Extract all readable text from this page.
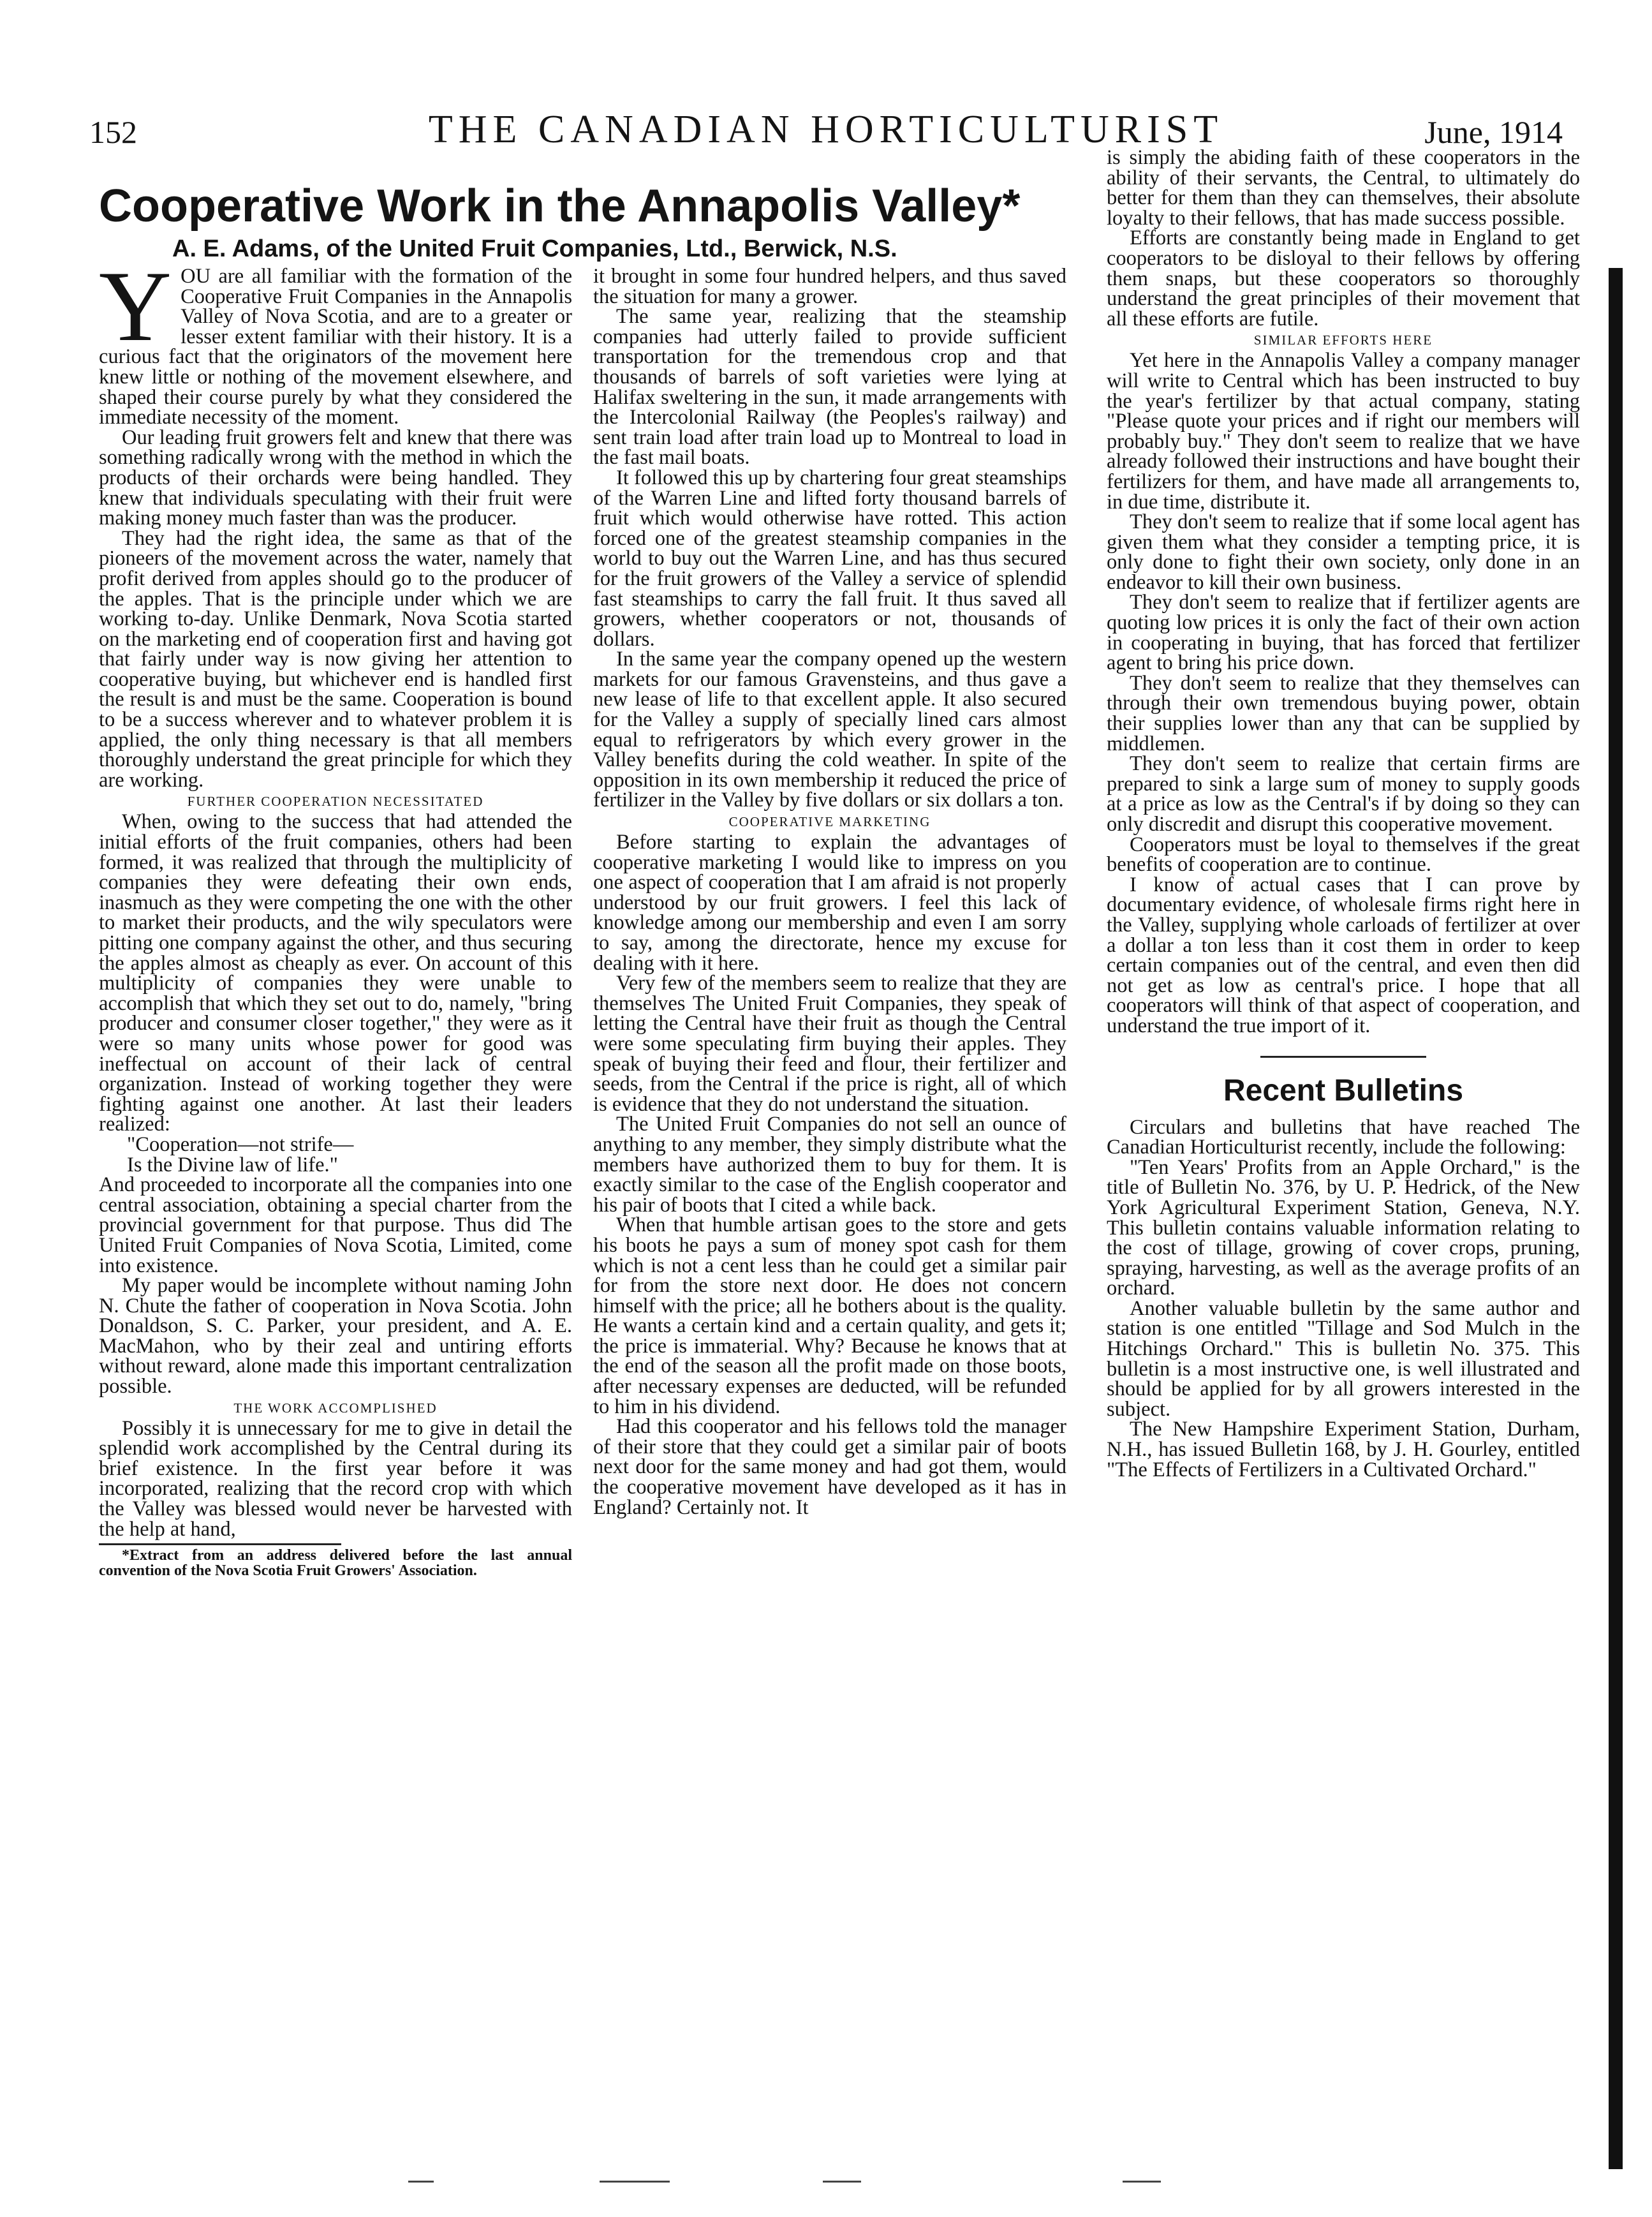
152	THE CANADIAN HORTICULTURIST	June, 1914
Cooperative Work in the Annapolis Valley*
A. E. Adams, of the United Fruit Companies, Ltd., Berwick, N.S.

YOU are all familiar with the formation of the Cooperative Fruit Companies in the Annapolis Valley of Nova Scotia, and are to a greater or lesser extent familiar with their history. It is a curious fact that the originators of the movement here knew little or nothing of the movement elsewhere, and shaped their course purely by what they considered the immediate necessity of the moment.

Our leading fruit growers felt and knew that there was something radically wrong with the method in which the products of their orchards were being handled. They knew that individuals speculating with their fruit were making money much faster than was the producer.

They had the right idea, the same as that of the pioneers of the movement across the water, namely that profit derived from apples should go to the producer of the apples. That is the principle under which we are working to-day. Unlike Denmark, Nova Scotia started on the marketing end of cooperation first and having got that fairly under way is now giving her attention to cooperative buying, but whichever end is handled first the result is and must be the same. Cooperation is bound to be a success wherever and to whatever problem it is applied, the only thing necessary is that all members thoroughly understand the great principle for which they are working.

FURTHER COOPERATION NECESSITATED

When, owing to the success that had attended the initial efforts of the fruit companies, others had been formed, it was realized that through the multiplicity of companies they were defeating their own ends, inasmuch as they were competing the one with the other to market their products, and the wily speculators were pitting one company against the other, and thus securing the apples almost as cheaply as ever. On account of this multiplicity of companies they were unable to accomplish that which they set out to do, namely, "bring producer and consumer closer together," they were as it were so many units whose power for good was ineffectual on account of their lack of central organization. Instead of working together they were fighting against one another. At last their leaders realized:

"Cooperation—not strife—

Is the Divine law of life."

And proceeded to incorporate all the companies into one central association, obtaining a special charter from the provincial government for that purpose. Thus did The United Fruit Companies of Nova Scotia, Limited, come into existence.

My paper would be incomplete without naming John N. Chute the father of cooperation in Nova Scotia. John Donaldson, S. C. Parker, your president, and A. E. MacMahon, who by their zeal and untiring efforts without reward, alone made this important centralization possible.

THE WORK ACCOMPLISHED

Possibly it is unnecessary for me to give in detail the splendid work accomplished by the Central during its brief existence. In the first year before it was incorporated, realizing that the record crop with which the Valley was blessed would never be harvested with the help at hand,

*Extract from an address delivered before the last annual convention of the Nova Scotia Fruit Growers' Association.

it brought in some four hundred helpers, and thus saved the situation for many a grower.

The same year, realizing that the steamship companies had utterly failed to provide sufficient transportation for the tremendous crop and that thousands of barrels of soft varieties were lying at Halifax sweltering in the sun, it made arrangements with the Intercolonial Railway (the Peoples's railway) and sent train load after train load up to Montreal to load in the fast mail boats.

It followed this up by chartering four great steamships of the Warren Line and lifted forty thousand barrels of fruit which would otherwise have rotted. This action forced one of the greatest steamship companies in the world to buy out the Warren Line, and has thus secured for the fruit growers of the Valley a service of splendid fast steamships to carry the fall fruit. It thus saved all growers, whether cooperators or not, thousands of dollars.

In the same year the company opened up the western markets for our famous Gravensteins, and thus gave a new lease of life to that excellent apple. It also secured for the Valley a supply of specially lined cars almost equal to refrigerators by which every grower in the Valley benefits during the cold weather. In spite of the opposition in its own membership it reduced the price of fertilizer in the Valley by five dollars or six dollars a ton.

COOPERATIVE MARKETING

Before starting to explain the advantages of cooperative marketing I would like to impress on you one aspect of cooperation that I am afraid is not properly understood by our fruit growers. I feel this lack of knowledge among our membership and even I am sorry to say, among the directorate, hence my excuse for dealing with it here.

Very few of the members seem to realize that they are themselves The United Fruit Companies, they speak of letting the Central have their fruit as though the Central were some speculating firm buying their apples. They speak of buying their feed and flour, their fertilizer and seeds, from the Central if the price is right, all of which is evidence that they do not understand the situation.

The United Fruit Companies do not sell an ounce of anything to any member, they simply distribute what the members have authorized them to buy for them. It is exactly similar to the case of the English cooperator and his pair of boots that I cited a while back.

When that humble artisan goes to the store and gets his boots he pays a sum of money spot cash for them which is not a cent less than he could get a similar pair for from the store next door. He does not concern himself with the price; all he bothers about is the quality. He wants a certain kind and a certain quality, and gets it; the price is immaterial. Why? Because he knows that at the end of the season all the profit made on those boots, after necessary expenses are deducted, will be refunded to him in his dividend.

Had this cooperator and his fellows told the manager of their store that they could get a similar pair of boots next door for the same money and had got them, would the cooperative movement have developed as it has in England? Certainly not. It

is simply the abiding faith of these cooperators in the ability of their servants, the Central, to ultimately do better for them than they can themselves, their absolute loyalty to their fellows, that has made success possible.

Efforts are constantly being made in England to get cooperators to be disloyal to their fellows by offering them snaps, but these cooperators so thoroughly understand the great principles of their movement that all these efforts are futile.

SIMILAR EFFORTS HERE

Yet here in the Annapolis Valley a company manager will write to Central which has been instructed to buy the year's fertilizer by that actual company, stating "Please quote your prices and if right our members will probably buy." They don't seem to realize that we have already followed their instructions and have bought their fertilizers for them, and have made all arrangements to, in due time, distribute it.

They don't seem to realize that if some local agent has given them what they consider a tempting price, it is only done to fight their own society, only done in an endeavor to kill their own business.

They don't seem to realize that if fertilizer agents are quoting low prices it is only the fact of their own action in cooperating in buying, that has forced that fertilizer agent to bring his price down.

They don't seem to realize that they themselves can through their own tremendous buying power, obtain their supplies lower than any that can be supplied by middlemen.

They don't seem to realize that certain firms are prepared to sink a large sum of money to supply goods at a price as low as the Central's if by doing so they can only discredit and disrupt this cooperative movement.

Cooperators must be loyal to themselves if the great benefits of cooperation are to continue.

I know of actual cases that I can prove by documentary evidence, of wholesale firms right here in the Valley, supplying whole carloads of fertilizer at over a dollar a ton less than it cost them in order to keep certain companies out of the central, and even then did not get as low as central's price. I hope that all cooperators will think of that aspect of cooperation, and understand the true import of it.

Recent Bulletins

Circulars and bulletins that have reached The Canadian Horticulturist recently, include the following:

"Ten Years' Profits from an Apple Orchard," is the title of Bulletin No. 376, by U. P. Hedrick, of the New York Agricultural Experiment Station, Geneva, N.Y. This bulletin contains valuable information relating to the cost of tillage, growing of cover crops, pruning, spraying, harvesting, as well as the average profits of an orchard.

Another valuable bulletin by the same author and station is one entitled "Tillage and Sod Mulch in the Hitchings Orchard." This is bulletin No. 375. This bulletin is a most instructive one, is well illustrated and should be applied for by all growers interested in the subject.

The New Hampshire Experiment Station, Durham, N.H., has issued Bulletin 168, by J. H. Gourley, entitled "The Effects of Fertilizers in a Cultivated Orchard."
